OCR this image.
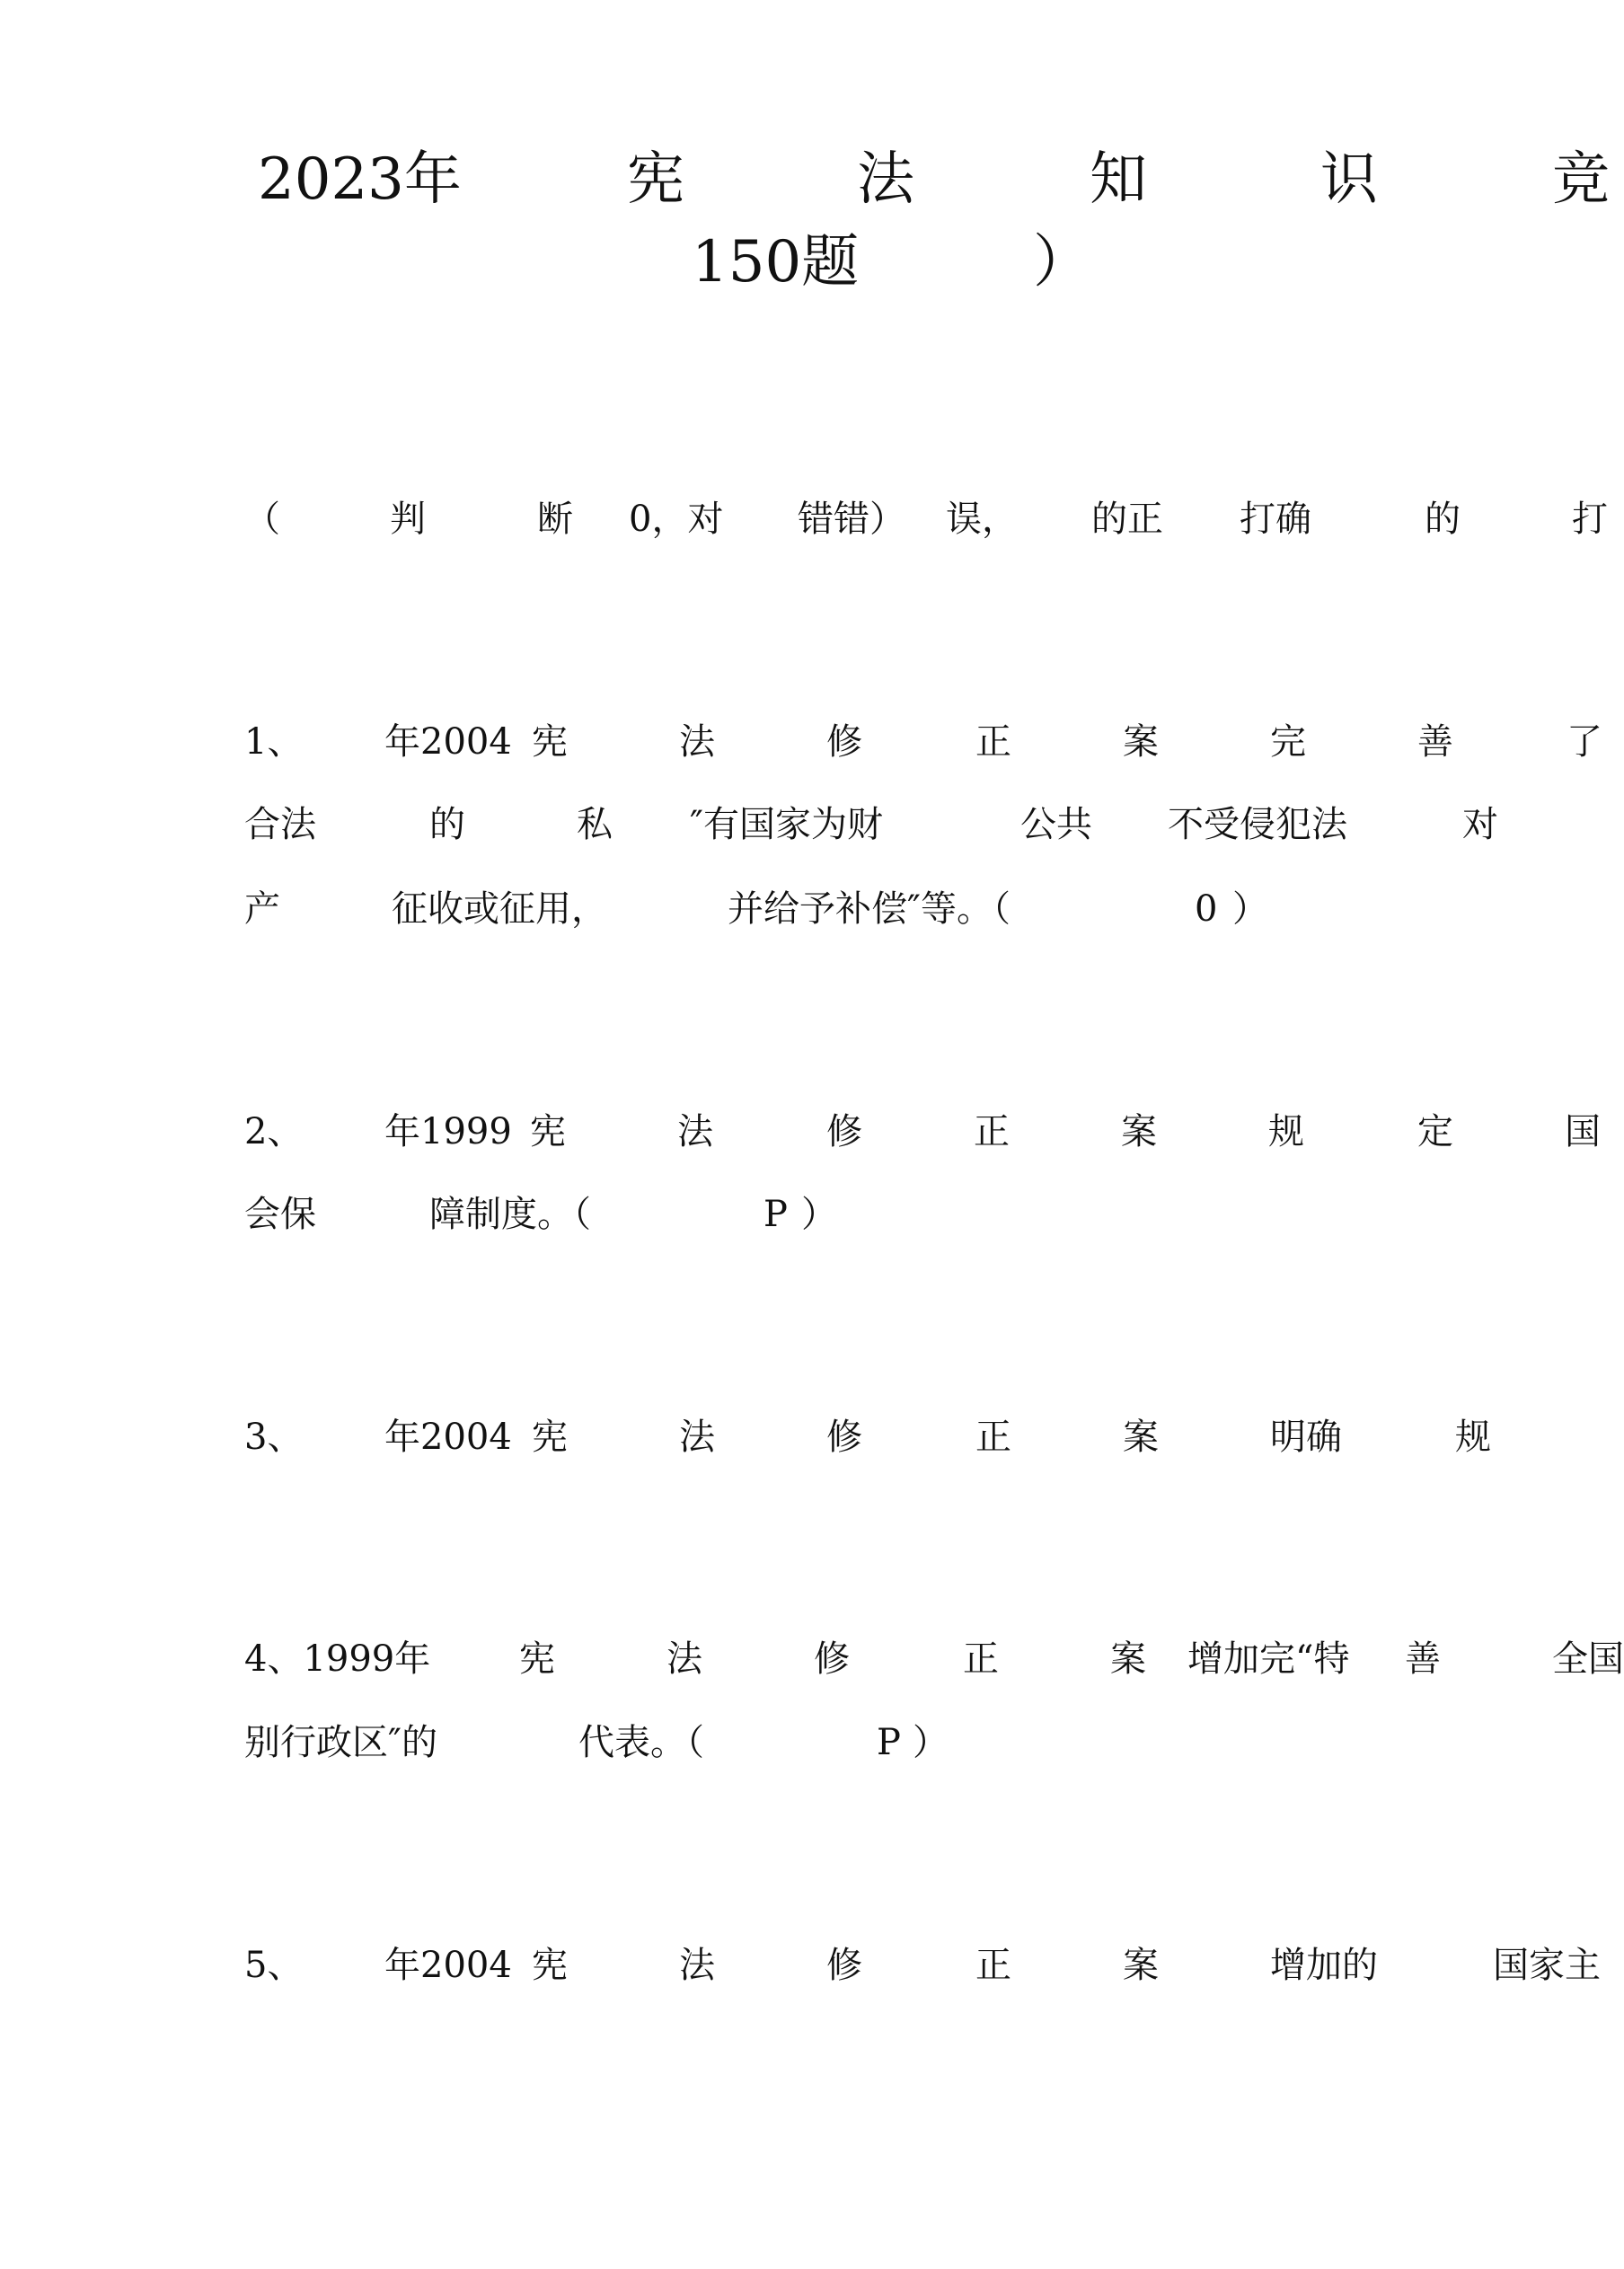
2023年	宪	法	知	识	竞
150题	）
（	判	断 0，对 错错） 误， 的正 打确	的	打
1、 年2004 宪	法	修	正	案	完	善	了
合法	的	私 ″有国家为财	公共 不受侵犯法	对
产	征收或征用，	并给予补偿″等。（	0 ）
2、 年1999 宪	法	修	正	案	规	定	国
会保	障制度。（	P ）
3、 年2004 宪	法	修	正	案	明确	规
4、1999年 宪	法	修	正	案 增加完“特 善	全国
别行政区″的	代表。（	P ）
5、 年2004 宪	法	修	正	案	增加的	国家主
